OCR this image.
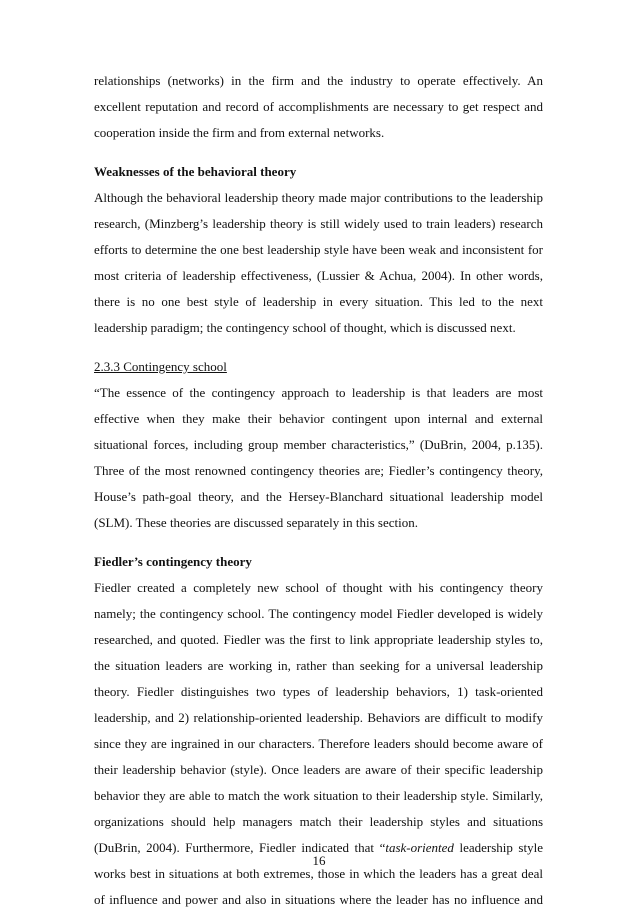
relationships (networks) in the firm and the industry to operate effectively. An
excellent reputation and record of accomplishments are necessary to get respect and
cooperation inside the firm and from external networks.
Weaknesses of the behavioral theory
Although the behavioral leadership theory made major contributions to the leadership
research, (Minzberg’s leadership theory is still widely used to train leaders) research
efforts to determine the one best leadership style have been weak and inconsistent for
most criteria of leadership effectiveness, (Lussier & Achua, 2004). In other words,
there is no one best style of leadership in every situation. This led to the next
leadership paradigm; the contingency school of thought, which is discussed next.
2.3.3 Contingency school
“The essence of the contingency approach to leadership is that leaders are most
effective when they make their behavior contingent upon internal and external
situational forces, including group member characteristics,” (DuBrin, 2004, p.135).
Three of the most renowned contingency theories are; Fiedler’s contingency theory,
House’s path-goal theory, and the Hersey-Blanchard situational leadership model
(SLM). These theories are discussed separately in this section.
Fiedler’s contingency theory
Fiedler created a completely new school of thought with his contingency theory
namely; the contingency school. The contingency model Fiedler developed is widely
researched, and quoted. Fiedler was the first to link appropriate leadership styles to,
the situation leaders are working in, rather than seeking for a universal leadership
theory. Fiedler distinguishes two types of leadership behaviors, 1) task-oriented
leadership, and 2) relationship-oriented leadership. Behaviors are difficult to modify
since they are ingrained in our characters. Therefore leaders should become aware of
their leadership behavior (style). Once leaders are aware of their specific leadership
behavior they are able to match the work situation to their leadership style. Similarly,
organizations should help managers match their leadership styles and situations
(DuBrin, 2004). Furthermore, Fiedler indicated that “task-oriented leadership style
works best in situations at both extremes, those in which the leaders has a great deal
of influence and power and also in situations where the leader has no influence and
16
